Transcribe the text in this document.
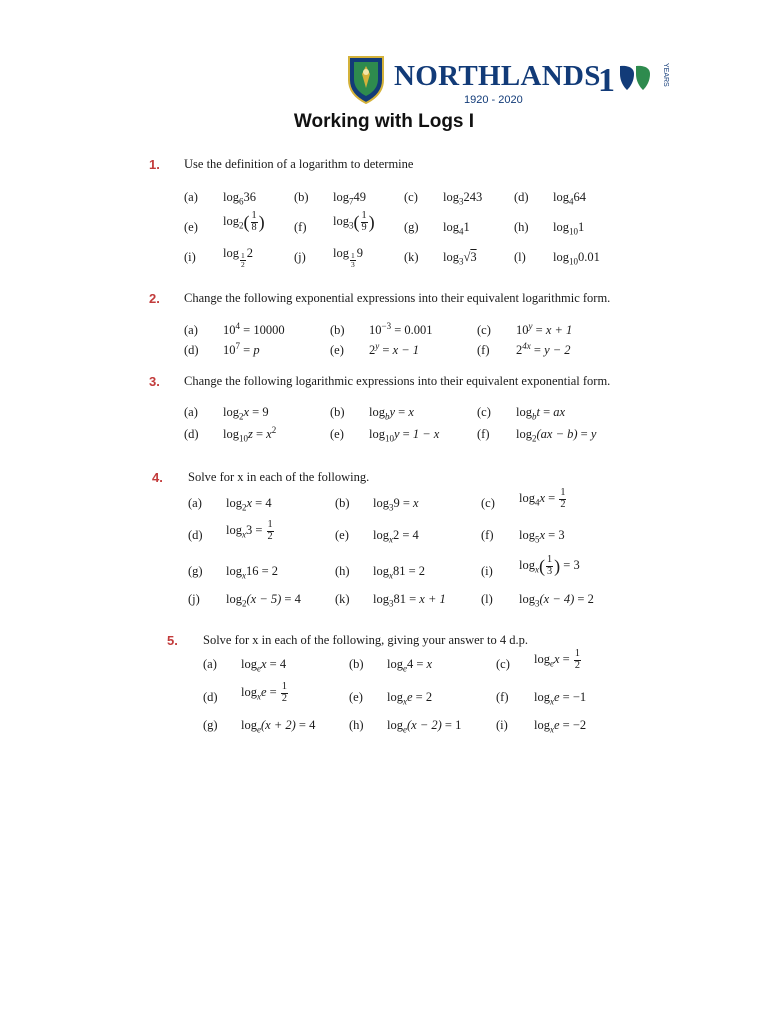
NORTHLANDS
1920 - 2020
1	YEARS
Working with Logs I
1. Use the definition of a logarithm to determine
(a) $\log_636$	(b) $\log_749$	(c) $\log_3243$	(d) $\log_464$
(e) $\log_2( \frac{1}{8}$ ) (f) $\log_3( \frac{1}{9}$ ) (g) $\log_41$	(h) $\log_{10}1$
(i) $\log \frac{1}{2} 2$	(j) $\log \frac{1}{3} 9$	(k) $\log_3√3$	(l) $\log_{10}0.01$
2. Change the following exponential expressions into their equivalent logarithmic form.
(a) $10^4 = 10000$	(b) $10^{-3} = 0.001$	(c) $10^y = x + 1$
(d) $10^7 = p$	(e) $2^y = x - 1$	(f) $2^{4x} = y - 2$
3. Change the following logarithmic expressions into their equivalent exponential form.
(a) $\log_2x = 9$	(b) $\log_by = x$	(c) $\log_bt$ = ax
(d) $\log_{10}z = x^2$	(e) $\log_{10}y = 1 - x$	(f) $\log_2(ax - b) = y$
4. Solve for x in each of the following.
(a) $\log_2x = 4$	(b) $\log_39 = x$	(c) $\log_4x = \frac{1}{2}$
(d) $\log_x3 = \frac{1}{2}$	(e) $\log_x2 = 4$	(f) $\log_5x = 3$
(g) $\log_x16 = 2$	(h) $\log_x81 = 2$	(i) $\log_x( \frac{1}{3}$ ) = 3
(j) $\log_2(x - 5) = 4$	(k) $\log_381 = x + 1$	(l) $\log_3(x - 4) = 2$
5. Solve for x in each of the following, giving your answer to 4 d.p.
(a) $\log_ex = 4$	(b) $\log_e4 = x$	(c) $\log_ex = \frac{1}{2}$
(d) $\log_xe = \frac{1}{2}$	(e) $\log_xe = 2$	(f) $\log_xe = -1$
(g) $\log_e(x + 2) = 4$	(h) $\log_e(x - 2) = 1$	(i) $\log_xe = -2$
